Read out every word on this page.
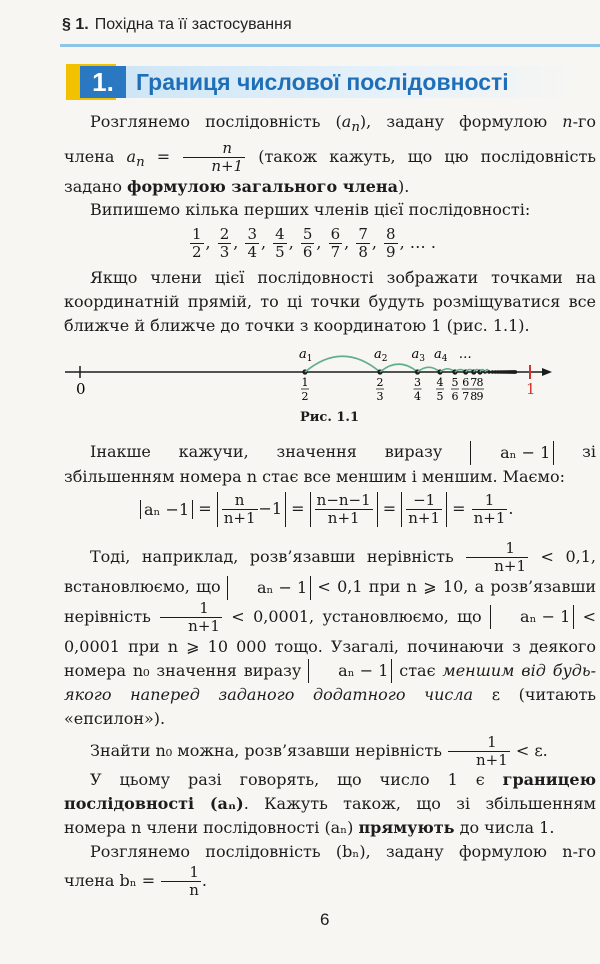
§ 1. Похідна та її застосування
1. Границя числової послідовності
Розглянемо послідовність $(a_n)$, задану формулою n-го члена $a_n = \frac{n}{n+1}$ (також кажуть, що цю послідовність задано формулою загального члена).
Випишемо кілька перших членів цієї послідовності:
$\frac{1}{2}$ , $\frac{2}{3}$ , $\frac{3}{4}$ , $\frac{4}{5}$ , $\frac{5}{6}$ , $\frac{6}{7}$ , $\frac{7}{8}$ , $\frac{8}{9}$ , … .
Якщо члени цієї послідовності зображати точками на координатній прямій, то ці точки будуть розміщуватися все ближче й ближче до точки з координатою 1 (рис. 1.1).
0	1
1
2
2
3
3
4
4
5
5
6
6
7
7
8
8
9
$a_1$	$a_2$ $a_3$ $a_4$ …
Рис. 1.1
Інакше кажучи, значення виразу aₙ − 1 зі збільшенням номера n стає все меншим і меншим. Маємо:
$a_n -1 = \frac{n}{n+1} -1 = \frac{n-n-1}{n+1} = \frac{-1}{n+1} = \frac{1}{n+1}$ .
Тоді, наприклад, розв’язавши нерівність $\frac{1}{n+1} < 0,1$, встановлюємо, що aₙ − 1 < 0,1 при n ⩾ 10, а розв’язавши нерівність $\frac{1}{n+1} < 0,0001$, установлюємо, що aₙ − 1 < 0,0001 при n ⩾ 10 000 тощо. Узагалі, починаючи з деякого номера n₀ значення виразу aₙ − 1 стає меншим від будь-якого наперед заданого додатного числа ε (читають «епсилон»).
Знайти n₀ можна, розв’язавши нерівність $\frac{1}{n+1} < \varepsilon$.
У цьому разі говорять, що число 1 є границею послідовності (aₙ). Кажуть також, що зі збільшенням номера n члени послідовності (aₙ) прямують до числа 1.
Розглянемо послідовність (bₙ), задану формулою n-го члена $b_n = \frac{1}{n}$ .
6
